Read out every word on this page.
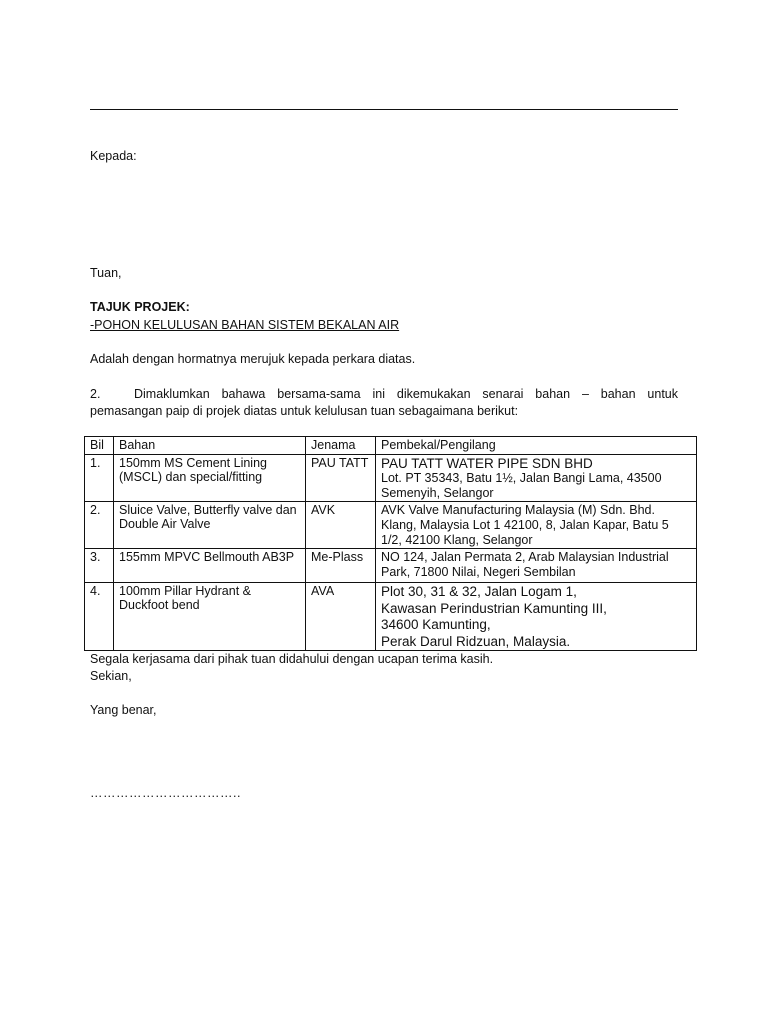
Kepada:
Tuan,
TAJUK PROJEK:
-POHON KELULUSAN BAHAN SISTEM BEKALAN AIR
Adalah dengan hormatnya merujuk kepada perkara diatas.
2.	Dimaklumkan bahawa bersama-sama ini dikemukakan senarai bahan – bahan untuk pemasangan paip di projek diatas untuk kelulusan tuan sebagaimana berikut:
Bil	Bahan	Jenama	Pembekal/Pengilang
1.	150mm MS Cement Lining (MSCL) dan special/fitting	PAU TATT	PAU TATT WATER PIPE SDN BHD
Lot. PT 35343, Batu 1½, Jalan Bangi Lama, 43500 Semenyih, Selangor

2.	Sluice Valve, Butterfly valve dan Double Air Valve	AVK	AVK Valve Manufacturing Malaysia (M) Sdn. Bhd.
Klang, Malaysia Lot 1 42100, 8, Jalan Kapar, Batu 5 1/2, 42100 Klang, Selangor

3.	155mm MPVC Bellmouth AB3P	Me-Plass	NO 124, Jalan Permata 2, Arab Malaysian Industrial Park, 71800 Nilai, Negeri Sembilan

4.	100mm Pillar Hydrant & Duckfoot bend	AVA	Plot 30, 31 & 32, Jalan Logam 1,
Kawasan Perindustrian Kamunting III,
34600 Kamunting,
Perak Darul Ridzuan, Malaysia.
Segala kerjasama dari pihak tuan didahului dengan ucapan terima kasih.
Sekian,
Yang benar,
……………………………..
